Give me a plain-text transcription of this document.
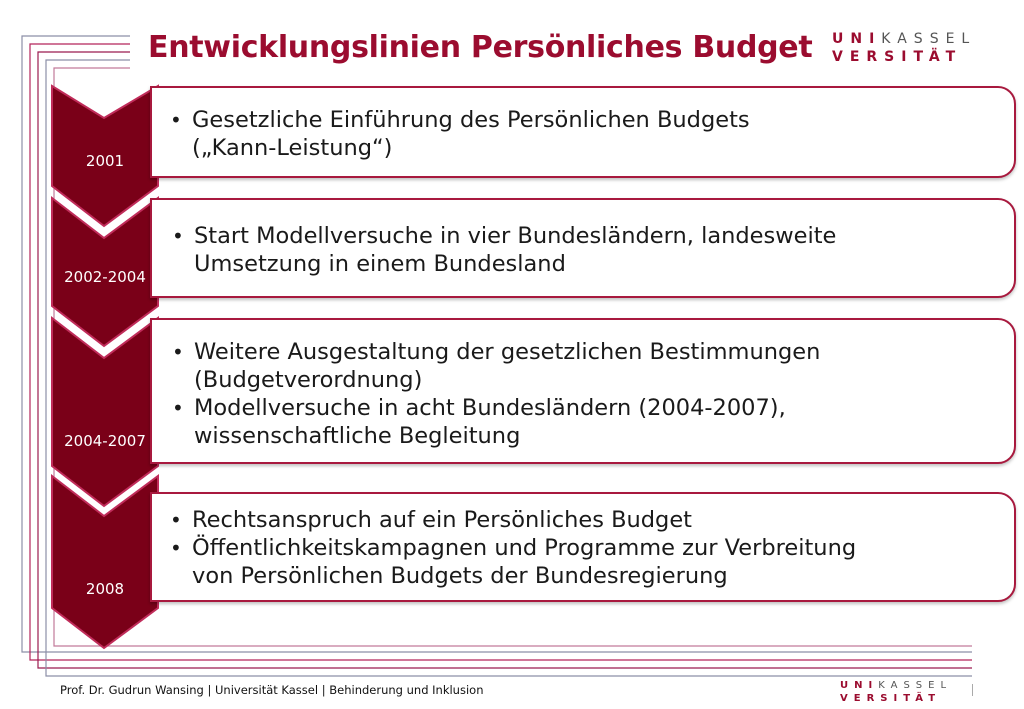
Entwicklungslinien Persönliches Budget UNIKASSEL
VERSITÄT
2001
2002-2004
2004-2007
2008
• Gesetzliche Einführung des Persönlichen Budgets
(„Kann-Leistung“)
• Start Modellversuche in vier Bundesländern, landesweite
Umsetzung in einem Bundesland
• Weitere Ausgestaltung der gesetzlichen Bestimmungen
(Budgetverordnung)
• Modellversuche in acht Bundesländern (2004-2007),
wissenschaftliche Begleitung
• Rechtsanspruch auf ein Persönliches Budget
• Öffentlichkeitskampagnen und Programme zur Verbreitung
von Persönlichen Budgets der Bundesregierung
Prof. Dr. Gudrun Wansing | Universität Kassel | Behinderung und Inklusion	UNIKASSEL
VERSITÄT
